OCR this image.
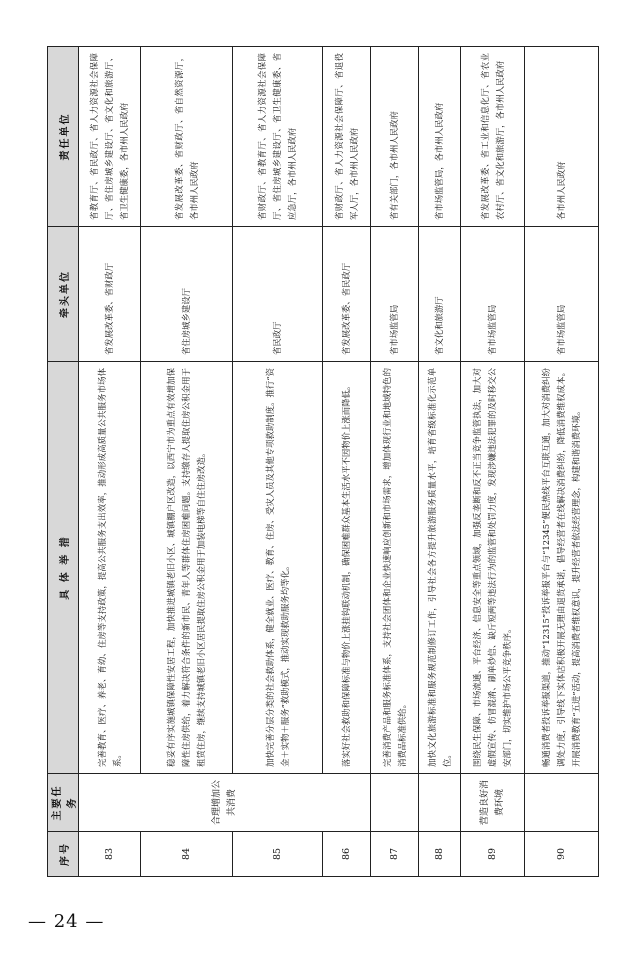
序号	主要任务	具 体 举 措	牵头单位	责任单位
83	合理增加公共消费	完善教育、医疗、养老、育幼、住房等支持政策，提高公共服务支出效率，推动形成高质量公共服务市场体系。	省发展改革委、省财政厅	省教育厅、省民政厅、省人力资源社会保障厅、省住房城乡建设厅、省文化和旅游厅、省卫生健康委，各市州人民政府
84		稳妥有序实施城镇保障性安居工程，加快推进城镇老旧小区、城镇棚户区改造，以西宁市为重点有效增加保障性住房供给，着力解决符合条件的新市民、青年人等群体住房困难问题。支持缴存人提取住房公积金用于租赁住房，继续支持城镇老旧小区居民提取住房公积金用于加装电梯等自住住房改造。	省住房城乡建设厅	省发展改革委、省财政厅、省自然资源厅，各市州人民政府
85		加快完善分层分类的社会救助体系，健全就业、医疗、教育、住房、受灾人员及其他专项救助制度。推行“资金＋实物＋服务”救助模式，推动实现救助服务均等化。	省民政厅	省财政厅、省教育厅、省人力资源社会保障厅、省住房城乡建设厅、省卫生健康委、省应急厅，各市州人民政府
86		落实好社会救助和保障标准与物价上涨挂钩联动机制，确保困难群众基本生活水平不因物价上涨而降低。	省发展改革委、省民政厅	省财政厅、省人力资源社会保障厅、省退役军人厅，各市州人民政府
87		完善消费产品和服务标准体系，支持社会团体和企业快速响应创新和市场需求，增加体现行业和地域特色的消费品标准供给。	省市场监管局	省有关部门，各市州人民政府
88		加快文化旅游标准和服务规范制修订工作，引导社会各方提升旅游服务质量水平，培育省级标准化示范单位。	省文化和旅游厅	省市场监管局，各市州人民政府
89	营造良好消费环境	围绕民生保障、市场流通、平台经济、信息安全等重点领域，加强反垄断和反不正当竞争监管执法，加大对虚假宣传、仿冒混淆、刷单炒信、缺斤短两等违法行为的监管和处罚力度，发现涉嫌违法犯罪的及时移交公安部门，切实维护市场公平竞争秩序。	省市场监管局	省发展改革委、省工业和信息化厅、省农业农村厅、省文化和旅游厅，各市州人民政府
90		畅通消费者投诉举报渠道，推动“12315”投诉举报平台与“12345”便民热线平台互联互通，加大对消费纠纷调处力度，引导线下实体店积极开展无理由退货承诺，倡导经营者在线解决消费纠纷，降低消费维权成本。开展消费教育“五进”活动，提高消费者维权意识，提升经营者依法经营理念，构建和谐消费环境。	省市场监管局	各市州人民政府
— 24 —
